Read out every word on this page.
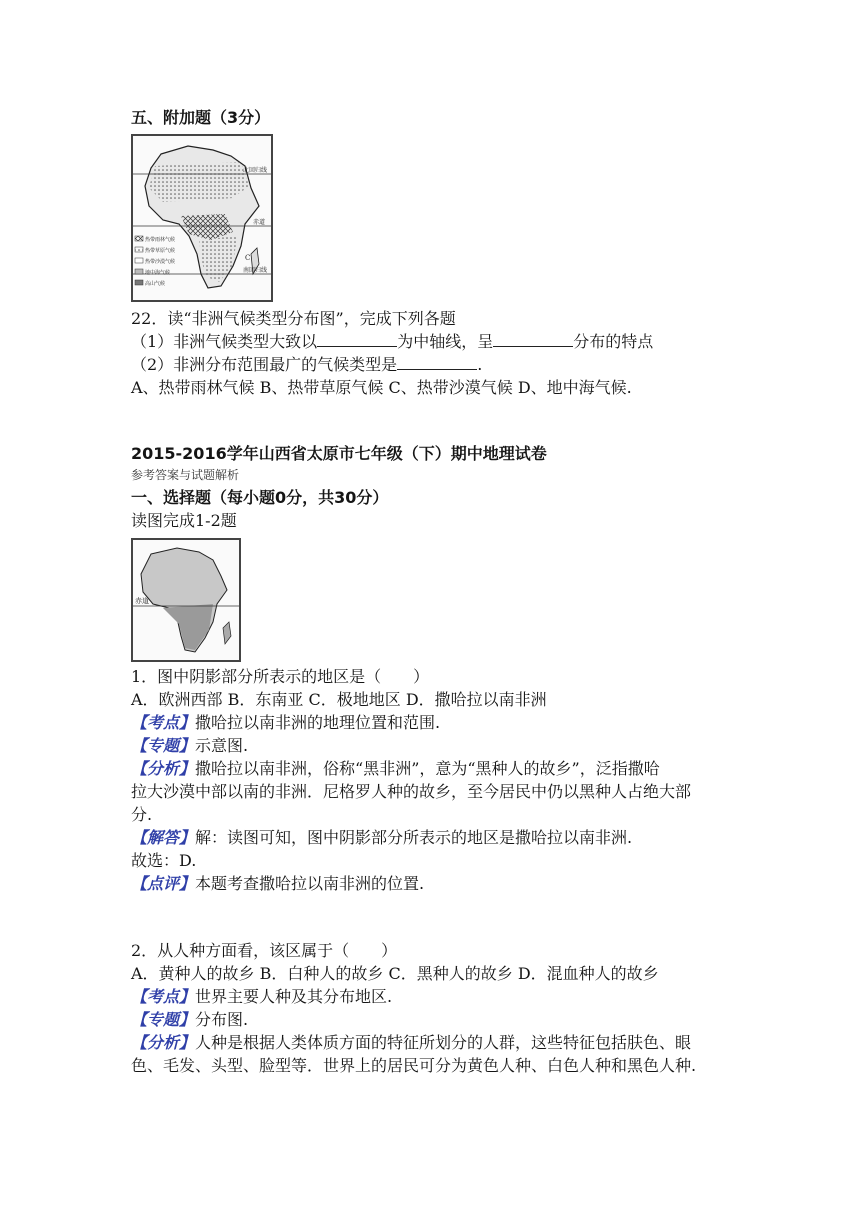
五、附加题（3分）
热带雨林气候
热带草原气候
热带沙漠气候
地中海气候
高山气候
北回归线
赤道
南回归线
C
22．读“非洲气候类型分布图”，完成下列各题
（1）非洲气候类型大致以	为中轴线，呈	分布的特点
（2）非洲分布范围最广的气候类型是	.
A、热带雨林气候 B、热带草原气候 C、热带沙漠气候 D、地中海气候.
2015-2016学年山西省太原市七年级（下）期中地理试卷
参考答案与试题解析
一、选择题（每小题0分，共30分）
读图完成1-2题
赤道
1．图中阴影部分所表示的地区是（　　）
A．欧洲西部 B．东南亚 C．极地地区 D．撒哈拉以南非洲
【考点】撒哈拉以南非洲的地理位置和范围.
【专题】示意图.
【分析】撒哈拉以南非洲，俗称“黑非洲”，意为“黑种人的故乡”，泛指撒哈
拉大沙漠中部以南的非洲．尼格罗人种的故乡，至今居民中仍以黑种人占绝大部
分.
【解答】解：读图可知，图中阴影部分所表示的地区是撒哈拉以南非洲.
故选：D.
【点评】本题考查撒哈拉以南非洲的位置.
2．从人种方面看，该区属于（　　）
A．黄种人的故乡 B．白种人的故乡 C．黑种人的故乡 D．混血种人的故乡
【考点】世界主要人种及其分布地区.
【专题】分布图.
【分析】人种是根据人类体质方面的特征所划分的人群，这些特征包括肤色、眼
色、毛发、头型、脸型等．世界上的居民可分为黄色人种、白色人种和黑色人种.
